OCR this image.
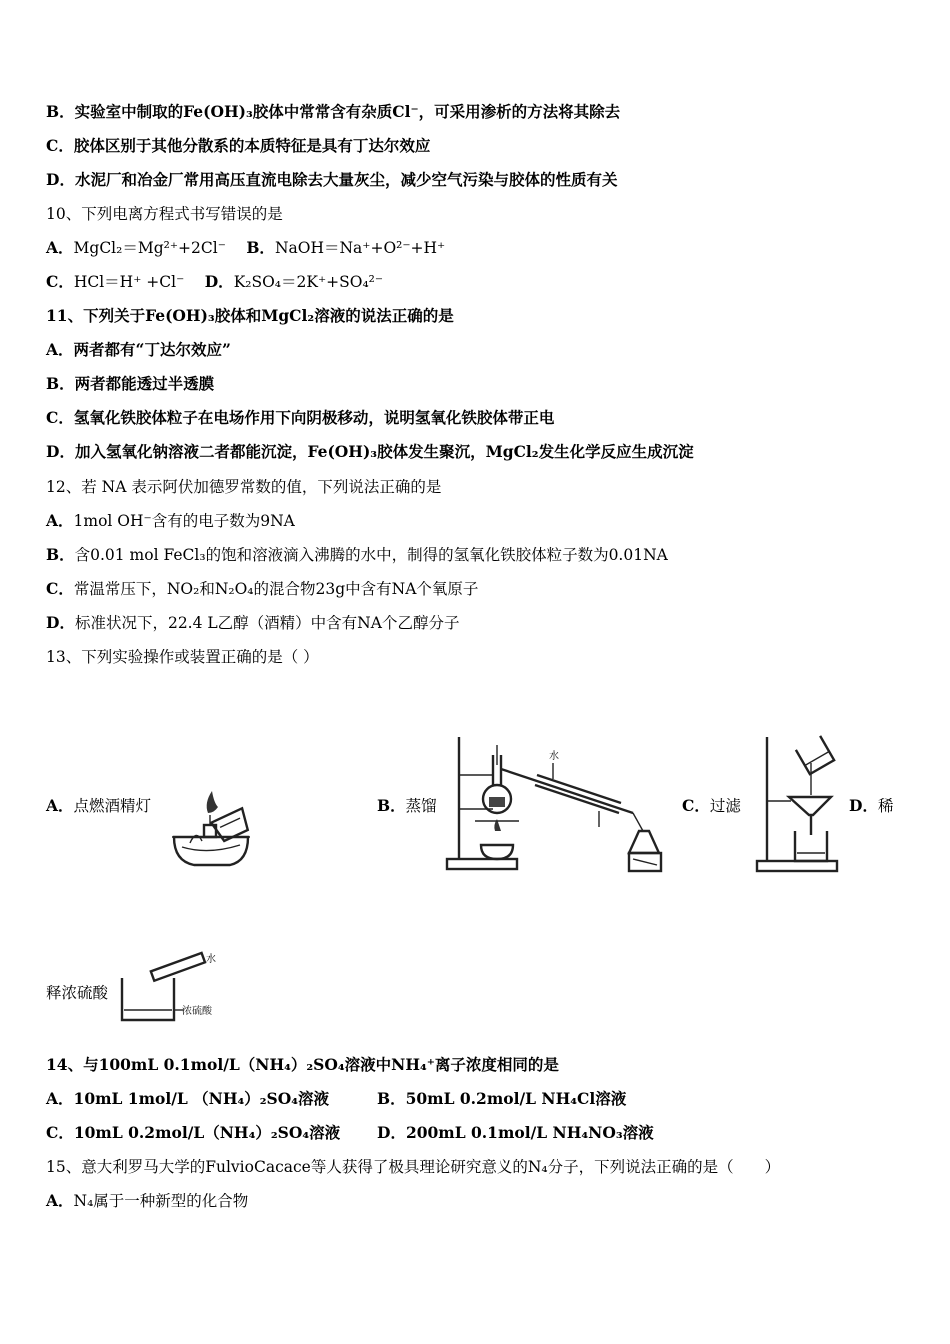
B．实验室中制取的Fe(OH)₃胶体中常常含有杂质Cl⁻，可采用渗析的方法将其除去
C．胶体区别于其他分散系的本质特征是具有丁达尔效应
D．水泥厂和冶金厂常用高压直流电除去大量灰尘，减少空气污染与胶体的性质有关
10、下列电离方程式书写错误的是
A．MgCl₂＝Mg²⁺+2Cl⁻　 B．NaOH＝Na⁺+O²⁻+H⁺
C．HCl＝H⁺ +Cl⁻　 D．K₂SO₄＝2K⁺+SO₄²⁻
11、下列关于Fe(OH)₃胶体和MgCl₂溶液的说法正确的是
A．两者都有“丁达尔效应”
B．两者都能透过半透膜
C．氢氧化铁胶体粒子在电场作用下向阴极移动，说明氢氧化铁胶体带正电
D．加入氢氧化钠溶液二者都能沉淀，Fe(OH)₃胶体发生聚沉，MgCl₂发生化学反应生成沉淀
12、若 NA 表示阿伏加德罗常数的值，下列说法正确的是
A．1mol OH⁻含有的电子数为9NA
B．含0.01 mol FeCl₃的饱和溶液滴入沸腾的水中，制得的氢氧化铁胶体粒子数为0.01NA
C．常温常压下，NO₂和N₂O₄的混合物23g中含有NA个氧原子
D．标准状况下，22.4 L乙醇（酒精）中含有NA个乙醇分子
13、下列实验操作或装置正确的是（ ）
A．点燃酒精灯	B．蒸馏	C．过滤	D．稀
释浓硫酸
水
水
浓硫酸
14、与100mL 0.1mol/L（NH₄）₂SO₄溶液中NH₄⁺离子浓度相同的是
A．10mL 1mol/L （NH₄）₂SO₄溶液	B．50mL 0.2mol/L NH₄Cl溶液
C．10mL 0.2mol/L（NH₄）₂SO₄溶液 D．200mL 0.1mol/L NH₄NO₃溶液
15、意大利罗马大学的FulvioCacace等人获得了极具理论研究意义的N₄分子，下列说法正确的是（　　）
A．N₄属于一种新型的化合物
